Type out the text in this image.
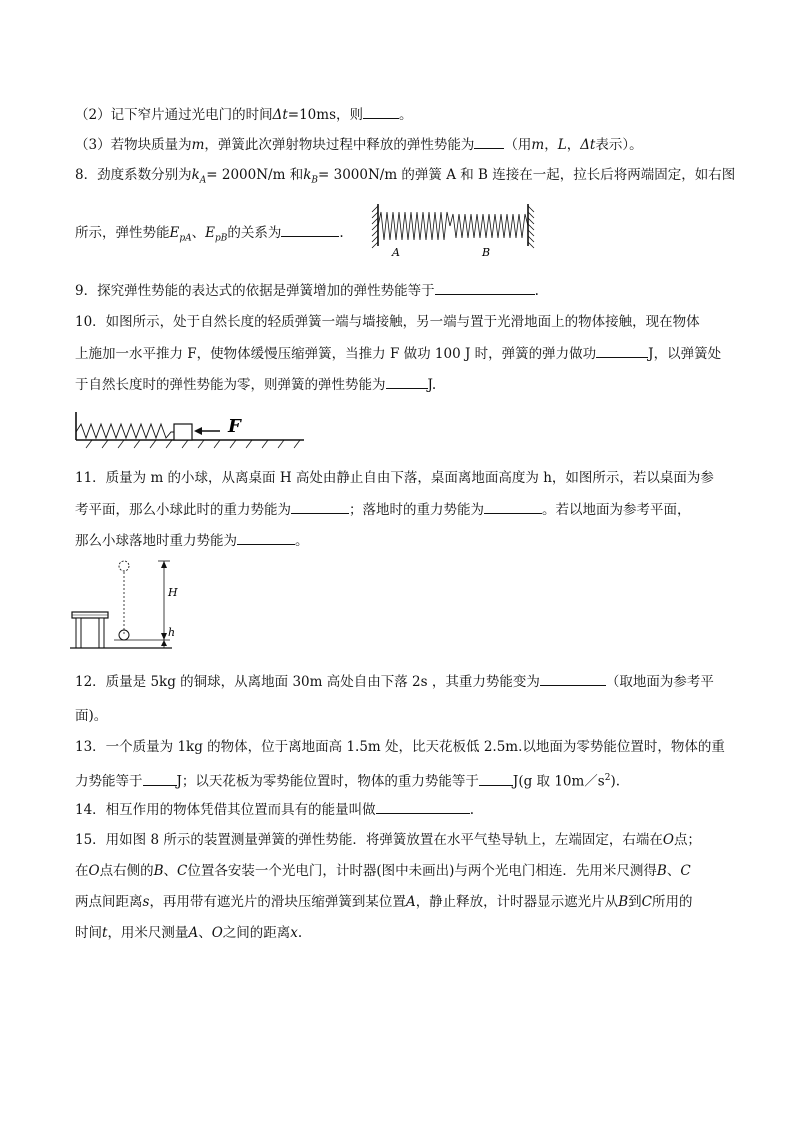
（2）记下窄片通过光电门的时间Δt=10ms，则	。
（3）若物块质量为m，弹簧此次弹射物块过程中释放的弹性势能为 （用m，L，Δt表示）。
8．劲度系数分别为$k_A= 2000N/m$ 和$k_B= 3000N/m$ 的弹簧 A 和 B 连接在一起，拉长后将两端固定，如右图
所示，弹性势能$E_{pA}$、$E_{pB}$的关系为	.
A	B
9．探究弹性势能的表达式的依据是弹簧增加的弹性势能等于	.
10．如图所示，处于自然长度的轻质弹簧一端与墙接触，另一端与置于光滑地面上的物体接触，现在物体
上施加一水平推力 F，使物体缓慢压缩弹簧，当推力 F 做功 100 J 时，弹簧的弹力做功	J，以弹簧处
于自然长度时的弹性势能为零，则弹簧的弹性势能为	J.
F
11．质量为 m 的小球，从离桌面 H 高处由静止自由下落，桌面离地面高度为 h，如图所示，若以桌面为参
考平面，那么小球此时的重力势能为	；落地时的重力势能为	。若以地面为参考平面，
那么小球落地时重力势能为	。
H
h
12．质量是 5kg 的铜球，从离地面 30m 高处自由下落 2s ，其重力势能变为	（取地面为参考平
面)。
13．一个质量为 1kg 的物体，位于离地面高 1.5m 处，比天花板低 2.5m.以地面为零势能位置时，物体的重
力势能等于	J；以天花板为零势能位置时，物体的重力势能等于	J(g 取 $10m/s^2$).
14．相互作用的物体凭借其位置而具有的能量叫做	.
15．用如图 8 所示的装置测量弹簧的弹性势能．将弹簧放置在水平气垫导轨上，左端固定，右端在O点；
在O点右侧的B、C位置各安装一个光电门，计时器(图中未画出)与两个光电门相连．先用米尺测得B、C
两点间距离s，再用带有遮光片的滑块压缩弹簧到某位置A，静止释放，计时器显示遮光片从B到C所用的
时间t，用米尺测量A、O之间的距离x.
